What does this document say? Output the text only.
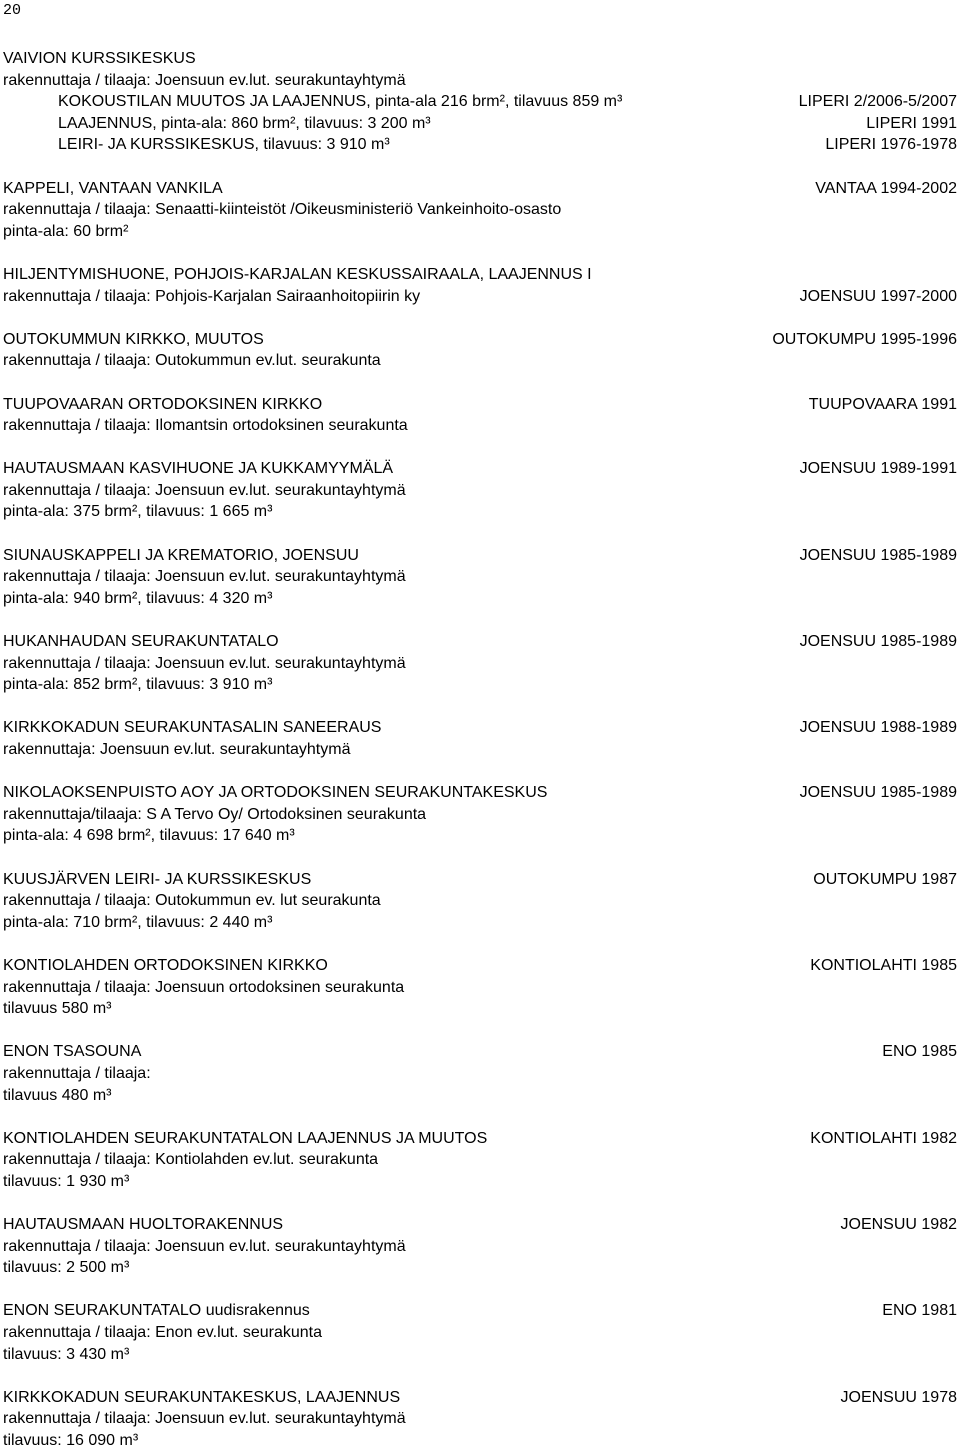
20
VAIVION KURSSIKESKUS
rakennuttaja / tilaaja: Joensuun ev.lut. seurakuntayhtymä
KOKOUSTILAN MUUTOS JA LAAJENNUS, pinta-ala 216 brm², tilavuus 859 m³	LIPERI 2/2006-5/2007
LAAJENNUS, pinta-ala: 860 brm², tilavuus: 3 200 m³	LIPERI 1991
LEIRI- JA KURSSIKESKUS, tilavuus: 3 910 m³	LIPERI 1976-1978
KAPPELI, VANTAAN VANKILA	VANTAA 1994-2002
rakennuttaja / tilaaja: Senaatti-kiinteistöt /Oikeusministeriö Vankeinhoito-osasto
pinta-ala: 60 brm²
HILJENTYMISHUONE, POHJOIS-KARJALAN KESKUSSAIRAALA, LAAJENNUS I
rakennuttaja / tilaaja: Pohjois-Karjalan Sairaanhoitopiirin ky	JOENSUU 1997-2000
OUTOKUMMUN KIRKKO, MUUTOS	OUTOKUMPU 1995-1996
rakennuttaja / tilaaja: Outokummun ev.lut. seurakunta
TUUPOVAARAN ORTODOKSINEN KIRKKO	TUUPOVAARA 1991
rakennuttaja / tilaaja: Ilomantsin ortodoksinen seurakunta
HAUTAUSMAAN KASVIHUONE JA KUKKAMYYMÄLÄ	JOENSUU 1989-1991
rakennuttaja / tilaaja: Joensuun ev.lut. seurakuntayhtymä
pinta-ala: 375 brm², tilavuus: 1 665 m³
SIUNAUSKAPPELI JA KREMATORIO, JOENSUU	JOENSUU 1985-1989
rakennuttaja / tilaaja: Joensuun ev.lut. seurakuntayhtymä
pinta-ala: 940 brm², tilavuus: 4 320 m³
HUKANHAUDAN SEURAKUNTATALO	JOENSUU 1985-1989
rakennuttaja / tilaaja: Joensuun ev.lut. seurakuntayhtymä
pinta-ala: 852 brm², tilavuus: 3 910 m³
KIRKKOKADUN SEURAKUNTASALIN SANEERAUS	JOENSUU 1988-1989
rakennuttaja: Joensuun ev.lut. seurakuntayhtymä
NIKOLAOKSENPUISTO AOY JA ORTODOKSINEN SEURAKUNTAKESKUS	JOENSUU 1985-1989
rakennuttaja/tilaaja: S A Tervo Oy/ Ortodoksinen seurakunta
pinta-ala: 4 698 brm², tilavuus: 17 640 m³
KUUSJÄRVEN LEIRI- JA KURSSIKESKUS	OUTOKUMPU 1987
rakennuttaja / tilaaja: Outokummun ev. lut seurakunta
pinta-ala: 710 brm², tilavuus: 2 440 m³
KONTIOLAHDEN ORTODOKSINEN KIRKKO	KONTIOLAHTI 1985
rakennuttaja / tilaaja: Joensuun ortodoksinen seurakunta
tilavuus 580 m³
ENON TSASOUNA	ENO 1985
rakennuttaja / tilaaja:
tilavuus 480 m³
KONTIOLAHDEN SEURAKUNTATALON LAAJENNUS JA MUUTOS	KONTIOLAHTI 1982
rakennuttaja / tilaaja: Kontiolahden ev.lut. seurakunta
tilavuus: 1 930 m³
HAUTAUSMAAN HUOLTORAKENNUS	JOENSUU 1982
rakennuttaja / tilaaja: Joensuun ev.lut. seurakuntayhtymä
tilavuus: 2 500 m³
ENON SEURAKUNTATALO uudisrakennus	ENO 1981
rakennuttaja / tilaaja: Enon ev.lut. seurakunta
tilavuus: 3 430 m³
KIRKKOKADUN SEURAKUNTAKESKUS, LAAJENNUS	JOENSUU 1978
rakennuttaja / tilaaja: Joensuun ev.lut. seurakuntayhtymä
tilavuus: 16 090 m³
